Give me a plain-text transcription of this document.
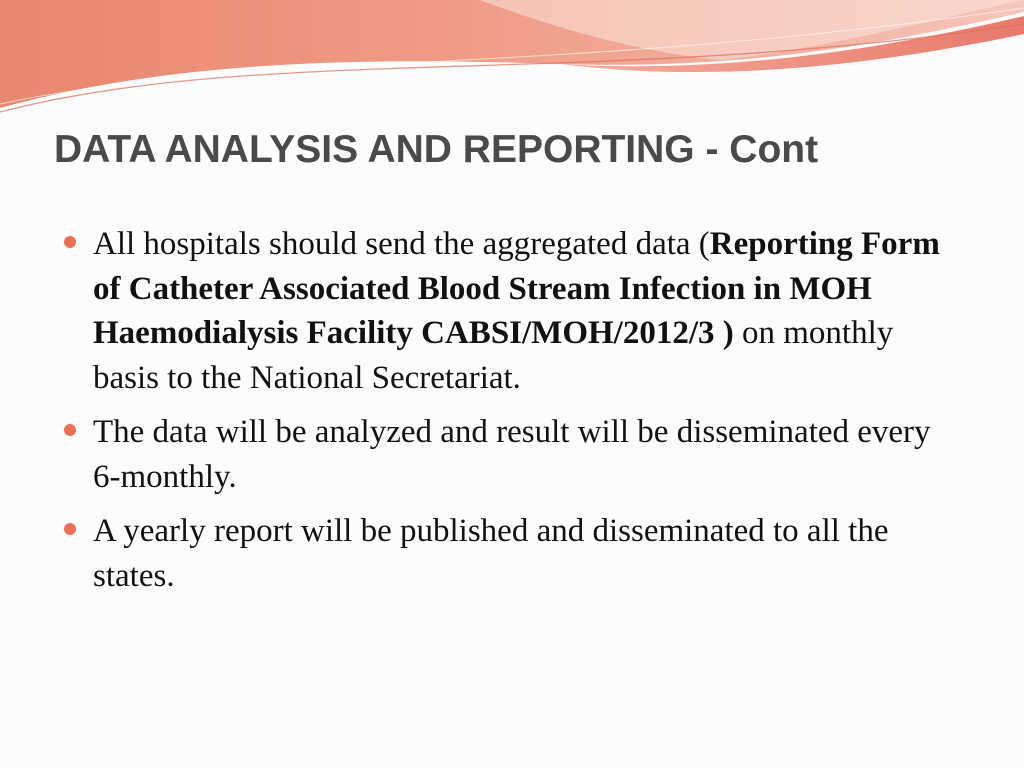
DATA ANALYSIS AND REPORTING - Cont
All hospitals should send the aggregated data (Reporting Form of Catheter Associated Blood Stream Infection in MOH Haemodialysis Facility CABSI/MOH/2012/3 ) on monthly basis to the National Secretariat.
The data will be analyzed and result will be disseminated every 6-monthly.
A yearly report will be published and disseminated to all the states.
